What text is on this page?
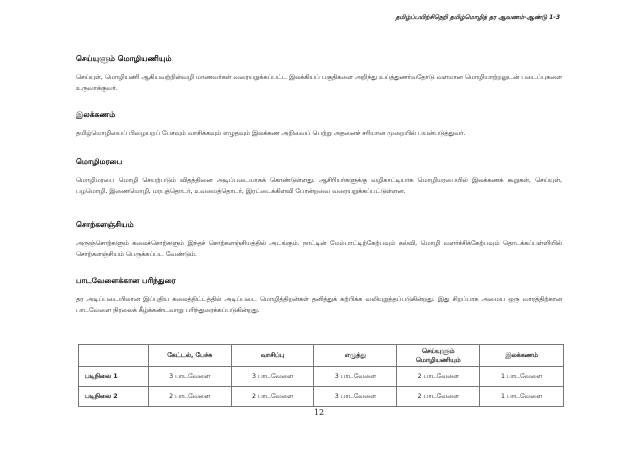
தமிழ்ப்பயிற்சிநெறி தமிழ்மொழித் தர ஆவணம்-ஆண்டு 1-3
செய்யுளும் மொழியணியும்
செய்யுள், மொழியணி ஆகியவற்றின்வழி மாணவர்கள் வரையறுக்கப்பட்ட இலக்கியப் பகுதிகளை அறிந்து உய்த்துணர்வதோடு வளமான மொழியாற்றலுடன் படைப்புகளை உருவாக்குவர்.
இலக்கணம்
தமிழ்மொழியைப் பிழையறப் பேசவும் வாசிக்கவும் எழுதவும் இலக்கண அறிவைப் பெற்று அதனைச் சரியான முறையில் பயன்படுத்துவர்.
மொழிமரபை
மொழிமரபை மொழி செயற்படும் விதத்தினை அடிப்படையாகக் கொண்டுள்ளது. ஆசிரியர்களுக்கு வழிகாட்டியாக மொழிமரபையில் இலக்கணக் கூறுகள், செய்யுள், பழமொழி, இணைமொழி, மரபுத்தொடர், உவமைத்தொடர், இரட்டைக்கிளவி போன்றவை வரையறுக்கப்பட்டுள்ளன.
சொற்களஞ்சியம்
அருஞ்சொற்களும் கலைச்சொற்களும் இந்தச் சொற்களஞ்சியத்தில் அடங்கும். நாட்டின் மேம்பாட்டிற்கேற்பவும் கல்வி, மொழி வளர்ச்சிக்கேற்பவும் தொடக்கப்பள்ளியில் சொற்களஞ்சியம் பெருக்கப்பட வேண்டும்.
பாடவேளைக்கான பரிந்துரை
தர அடிப்படையிலான இப்புதிய கலைத்திட்டத்தில் அடிப்படை மொழித்திறன்கள் தனித்துக் கற்பிக்க வலியுறுத்தப்படுகின்றது. இது சிறப்பாக அமைய ஒரு வாரத்திற்கான பாடவேளை நிரலைக் கீழ்க்கண்டவாறு பரிந்துரைக்கப்படுகின்றது.
	கேட்டல், பேச்சு	வாசிப்பு	எழுத்து	செய்யுளும் மொழியணியும்	இலக்கணம்
படிநிலை 1	3 பாடவேளை	3 பாடவேளை	3 பாடவேளை	2 பாடவேளை	1 பாடவேளை
படிநிலை 2	2 பாடவேளை	2 பாடவேளை	3 பாடவேளை	2 பாடவேளை	1 பாடவேளை
12
